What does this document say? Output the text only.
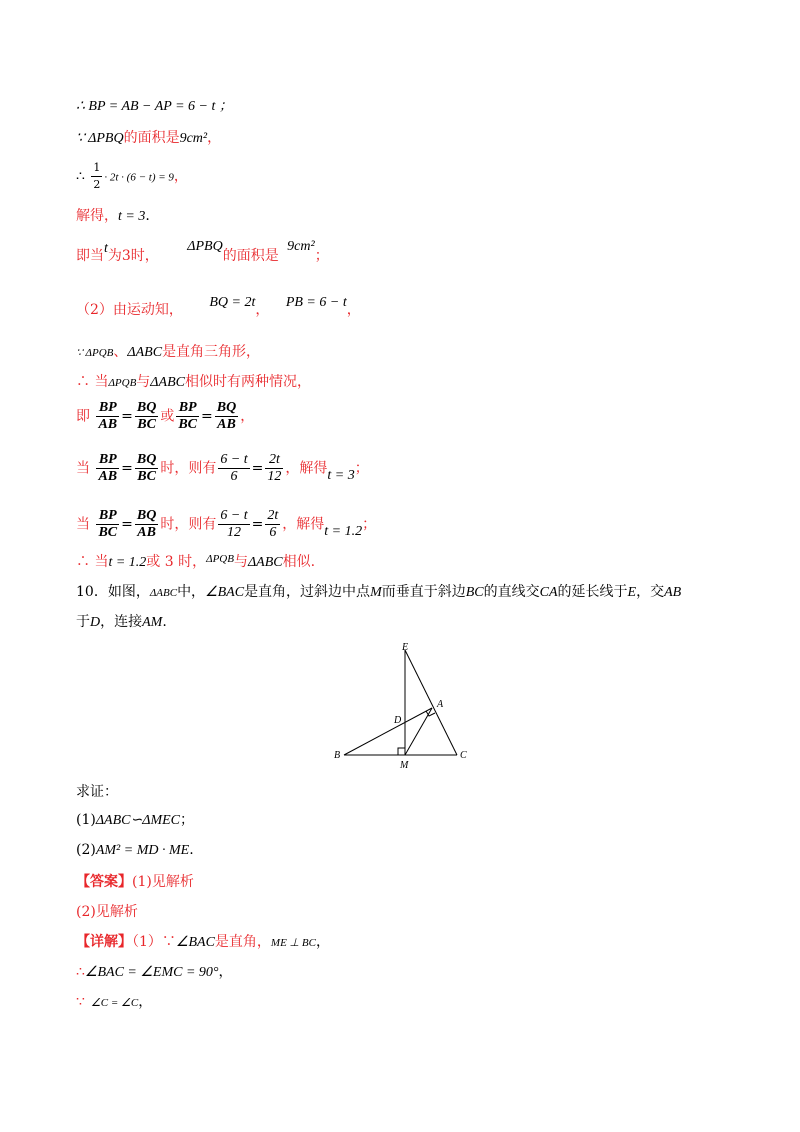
∴ BP = AB − AP = 6 − t ；
∵ ΔPBQ的面积是9cm²，
∴ $\frac{1}{2} \cdot 2t \cdot (6 - t) = 9$，
解得，t = 3.
即当t为3时， ΔPBQ的面积是 9cm²；
（2）由运动知， BQ = 2t， PB = 6 − t，
∵ ΔPQB、ΔABC是直角三角形，
∴ 当ΔPQB与ΔABC相似时有两种情况，
即 $\frac{BP}{AB} = \frac{BQ}{BC}$ 或 $\frac{BP}{BC} = \frac{BQ}{AB}$ ，
当 $\frac{BP}{AB} = \frac{BQ}{BC}$ 时，则有 $\frac{6 - t}{6} = \frac{2t}{12}$ ，解得t = 3；
当 $\frac{BP}{BC} = \frac{BQ}{AB}$ 时，则有 $\frac{6 - t}{12} = \frac{2t}{6}$ ，解得t = 1.2；
∴ 当t = 1.2或 3 时，$^{\Delta PQB}$与ΔABC相似.
10．如图，ΔABC中，∠BAC是直角，过斜边中点M而垂直于斜边BC的直线交CA的延长线于E，交AB
于D，连接AM.
E
A
D
B
M
C
求证：
(1)ΔABC∽ΔMEC；
(2)AM² = MD · ME.
【答案】(1)见解析
(2)见解析
【详解】（1）∵∠BAC是直角，ME ⊥ BC，
∴∠BAC = ∠EMC = 90°，
∵ ∠C = ∠C，
